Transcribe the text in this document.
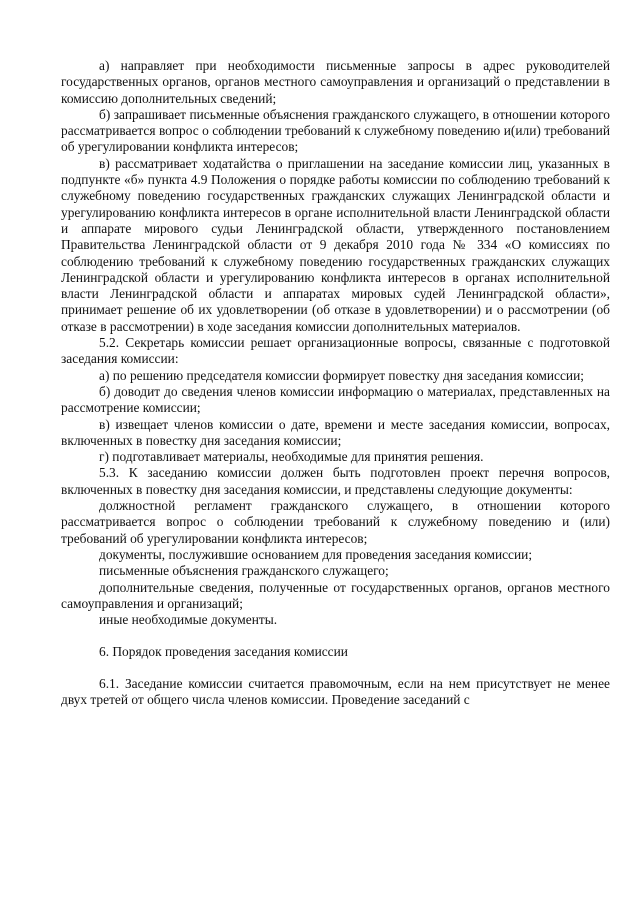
а) направляет при необходимости письменные запросы в адрес руководителей государственных органов, органов местного самоуправления и организаций о представлении в комиссию дополнительных сведений;

б) запрашивает письменные объяснения гражданского служащего, в отношении которого рассматривается вопрос о соблюдении требований к служебному поведению и(или) требований об урегулировании конфликта интересов;

в) рассматривает ходатайства о приглашении на заседание комиссии лиц, указанных в подпункте «б» пункта 4.9 Положения о порядке работы комиссии по соблюдению требований к служебному поведению государственных гражданских служащих Ленинградской области и урегулированию конфликта интересов в органе исполнительной власти Ленинградской области и аппарате мирового судьи Ленинградской области, утвержденного постановлением Правительства Ленинградской области от 9 декабря 2010 года № 334 «О комиссиях по соблюдению требований к служебному поведению государственных гражданских служащих Ленинградской области и урегулированию конфликта интересов в органах исполнительной власти Ленинградской области и аппаратах мировых судей Ленинградской области», принимает решение об их удовлетворении (об отказе в удовлетворении) и о рассмотрении (об отказе в рассмотрении) в ходе заседания комиссии дополнительных материалов.

5.2. Секретарь комиссии решает организационные вопросы, связанные с подготовкой заседания комиссии:

а) по решению председателя комиссии формирует повестку дня заседания комиссии;

б) доводит до сведения членов комиссии информацию о материалах, представленных на рассмотрение комиссии;

в) извещает членов комиссии о дате, времени и месте заседания комиссии, вопросах, включенных в повестку дня заседания комиссии;

г) подготавливает материалы, необходимые для принятия решения.

5.3. К заседанию комиссии должен быть подготовлен проект перечня вопросов, включенных в повестку дня заседания комиссии, и представлены следующие документы:

должностной регламент гражданского служащего, в отношении которого рассматривается вопрос о соблюдении требований к служебному поведению и (или) требований об урегулировании конфликта интересов;

документы, послужившие основанием для проведения заседания комиссии;

письменные объяснения гражданского служащего;

дополнительные сведения, полученные от государственных органов, органов местного самоуправления и организаций;

иные необходимые документы.

6. Порядок проведения заседания комиссии

6.1. Заседание комиссии считается правомочным, если на нем присутствует не менее двух третей от общего числа членов комиссии. Проведение заседаний с
